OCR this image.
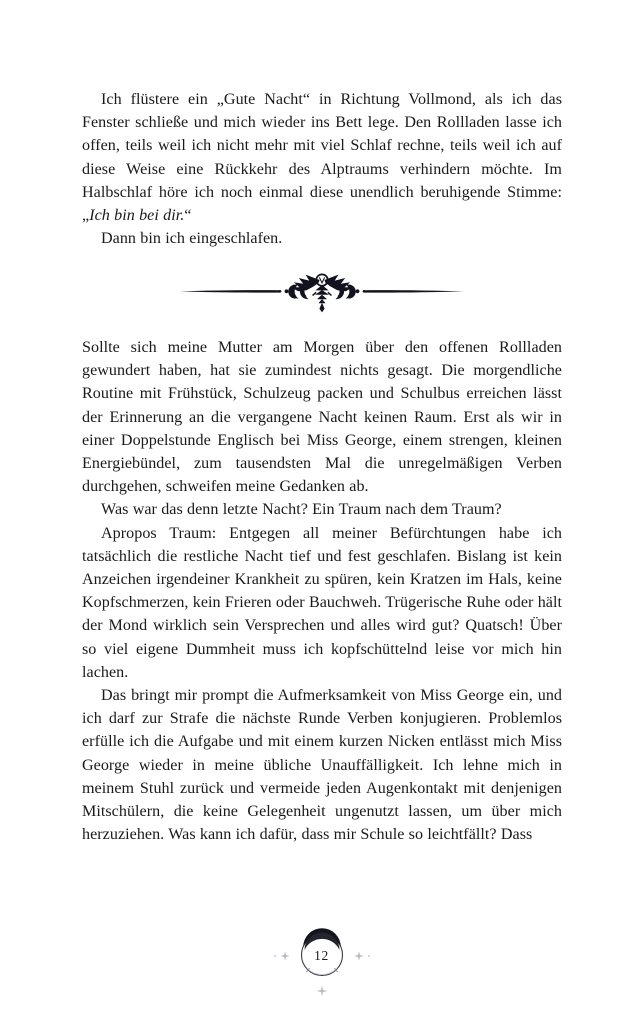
Ich flüstere ein „Gute Nacht“ in Richtung Vollmond, als ich das Fenster schließe und mich wieder ins Bett lege. Den Rollladen lasse ich offen, teils weil ich nicht mehr mit viel Schlaf rechne, teils weil ich auf diese Weise eine Rückkehr des Alptraums verhindern möchte. Im Halbschlaf höre ich noch einmal diese unendlich beruhigende Stimme: „Ich bin bei dir.“

Dann bin ich eingeschlafen.

Sollte sich meine Mutter am Morgen über den offenen Rollladen gewundert haben, hat sie zumindest nichts gesagt. Die morgendliche Routine mit Frühstück, Schulzeug packen und Schulbus erreichen lässt der Erinnerung an die vergangene Nacht keinen Raum. Erst als wir in einer Doppelstunde Englisch bei Miss George, einem strengen, kleinen Energiebündel, zum tausendsten Mal die unregelmäßigen Verben durchgehen, schweifen meine Gedanken ab.

Was war das denn letzte Nacht? Ein Traum nach dem Traum?

Apropos Traum: Entgegen all meiner Befürchtungen habe ich tatsächlich die restliche Nacht tief und fest geschlafen. Bislang ist kein Anzeichen irgendeiner Krankheit zu spüren, kein Kratzen im Hals, keine Kopfschmerzen, kein Frieren oder Bauchweh. Trügerische Ruhe oder hält der Mond wirklich sein Versprechen und alles wird gut? Quatsch! Über so viel eigene Dummheit muss ich kopfschüttelnd leise vor mich hin lachen.

Das bringt mir prompt die Aufmerksamkeit von Miss George ein, und ich darf zur Strafe die nächste Runde Verben konjugieren. Problemlos erfülle ich die Aufgabe und mit einem kurzen Nicken entlässt mich Miss George wieder in meine übliche Unauffälligkeit. Ich lehne mich in meinem Stuhl zurück und vermeide jeden Augenkontakt mit denjenigen Mitschülern, die keine Gelegenheit ungenutzt lassen, um über mich herzuziehen. Was kann ich dafür, dass mir Schule so leichtfällt? Dass

12
